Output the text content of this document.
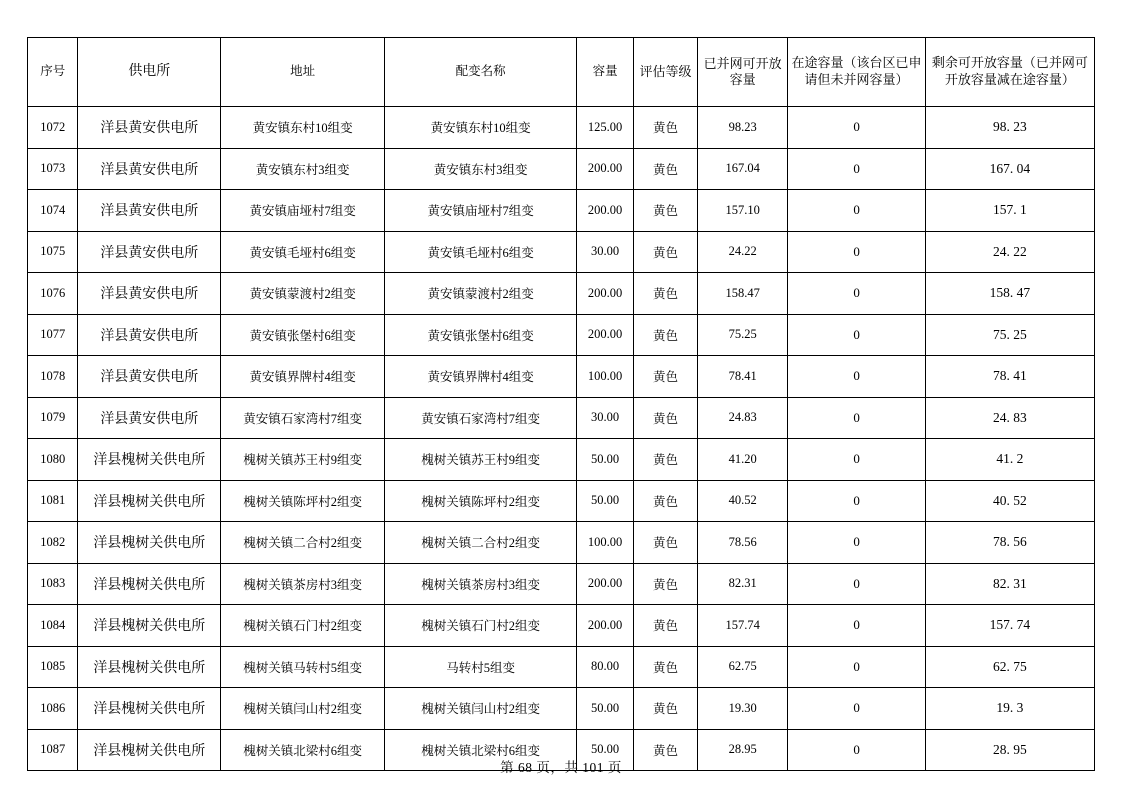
序号	供电所	地址	配变名称	容量	评估等级	已并网可开放容量	在途容量（该台区已申请但未并网容量）	剩余可开放容量（已并网可开放容量减在途容量）
1072	洋县黄安供电所	黄安镇东村10组变	黄安镇东村10组变	125.00	黄色	98.23	0	98. 23
1073	洋县黄安供电所	黄安镇东村3组变	黄安镇东村3组变	200.00	黄色	167.04	0	167. 04
1074	洋县黄安供电所	黄安镇庙垭村7组变	黄安镇庙垭村7组变	200.00	黄色	157.10	0	157. 1
1075	洋县黄安供电所	黄安镇毛垭村6组变	黄安镇毛垭村6组变	30.00	黄色	24.22	0	24. 22
1076	洋县黄安供电所	黄安镇蒙渡村2组变	黄安镇蒙渡村2组变	200.00	黄色	158.47	0	158. 47
1077	洋县黄安供电所	黄安镇张堡村6组变	黄安镇张堡村6组变	200.00	黄色	75.25	0	75. 25
1078	洋县黄安供电所	黄安镇界牌村4组变	黄安镇界牌村4组变	100.00	黄色	78.41	0	78. 41
1079	洋县黄安供电所	黄安镇石家湾村7组变	黄安镇石家湾村7组变	30.00	黄色	24.83	0	24. 83
1080	洋县槐树关供电所	槐树关镇苏王村9组变	槐树关镇苏王村9组变	50.00	黄色	41.20	0	41. 2
1081	洋县槐树关供电所	槐树关镇陈坪村2组变	槐树关镇陈坪村2组变	50.00	黄色	40.52	0	40. 52
1082	洋县槐树关供电所	槐树关镇二合村2组变	槐树关镇二合村2组变	100.00	黄色	78.56	0	78. 56
1083	洋县槐树关供电所	槐树关镇茶房村3组变	槐树关镇茶房村3组变	200.00	黄色	82.31	0	82. 31
1084	洋县槐树关供电所	槐树关镇石门村2组变	槐树关镇石门村2组变	200.00	黄色	157.74	0	157. 74
1085	洋县槐树关供电所	槐树关镇马转村5组变	马转村5组变	80.00	黄色	62.75	0	62. 75
1086	洋县槐树关供电所	槐树关镇闫山村2组变	槐树关镇闫山村2组变	50.00	黄色	19.30	0	19. 3
1087	洋县槐树关供电所	槐树关镇北梁村6组变	槐树关镇北梁村6组变	50.00	黄色	28.95	0	28. 95
第 68 页，共 101 页
